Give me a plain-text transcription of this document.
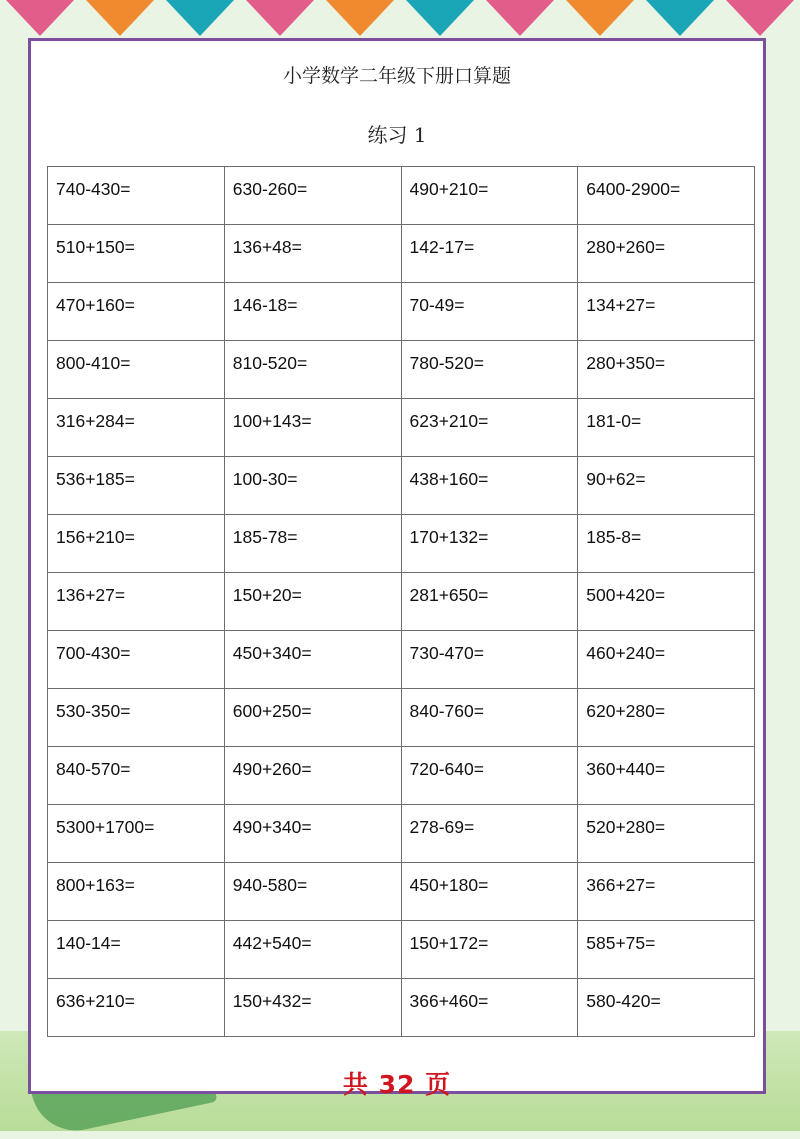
小学数学二年级下册口算题
练习 1
740-430=	630-260=	490+210=	6400-2900=
510+150=	136+48=	142-17=	280+260=
470+160=	146-18=	70-49=	134+27=
800-410=	810-520=	780-520=	280+350=
316+284=	100+143=	623+210=	181-0=
536+185=	100-30=	438+160=	90+62=
156+210=	185-78=	170+132=	185-8=
136+27=	150+20=	281+650=	500+420=
700-430=	450+340=	730-470=	460+240=
530-350=	600+250=	840-760=	620+280=
840-570=	490+260=	720-640=	360+440=
5300+1700=	490+340=	278-69=	520+280=
800+163=	940-580=	450+180=	366+27=
140-14=	442+540=	150+172=	585+75=
636+210=	150+432=	366+460=	580-420=
共 32 页
